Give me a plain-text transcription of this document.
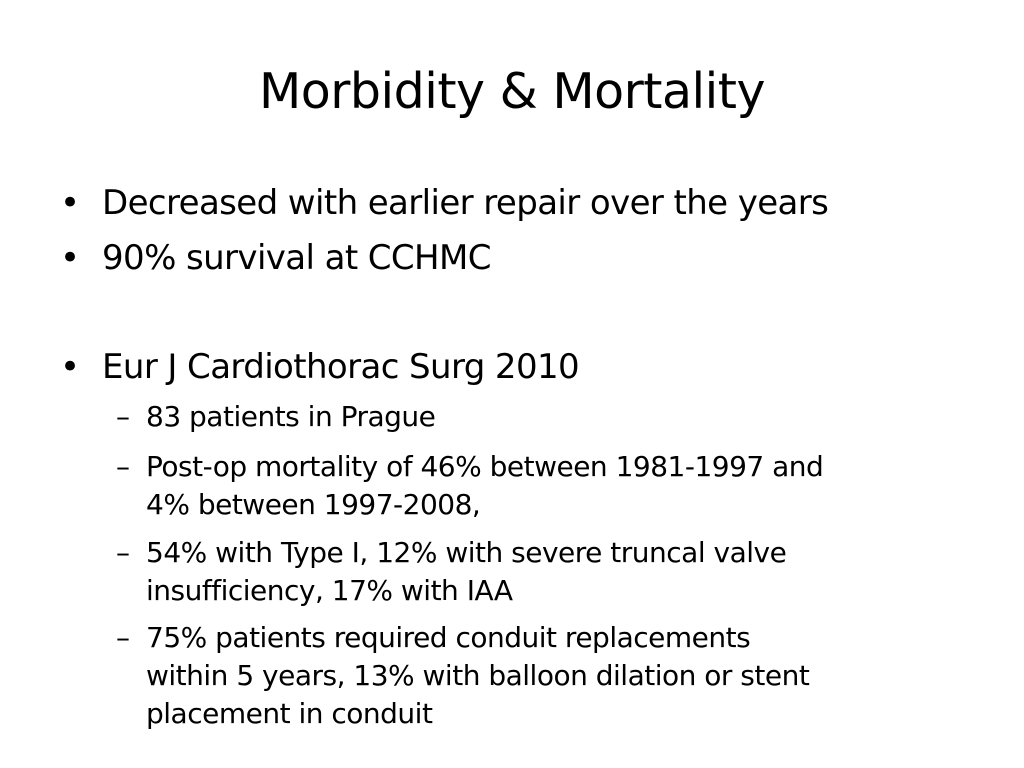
Morbidity & Mortality
• Decreased with earlier repair over the years
• 90% survival at CCHMC
• Eur J Cardiothorac Surg 2010
– 83 patients in Prague
– Post-op mortality of 46% between 1981-1997 and
4% between 1997-2008,
– 54% with Type I, 12% with severe truncal valve
insufficiency, 17% with IAA
– 75% patients required conduit replacements
within 5 years, 13% with balloon dilation or stent
placement in conduit
